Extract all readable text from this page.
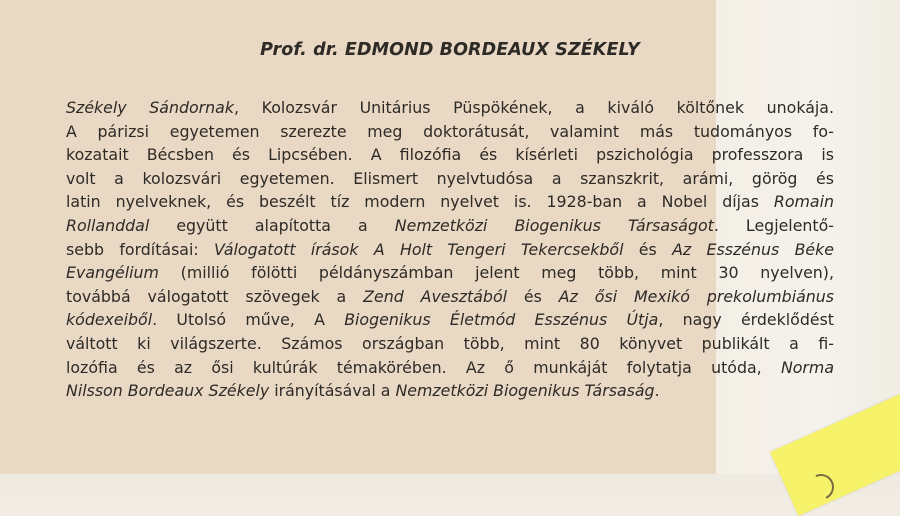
Prof. dr. EDMOND BORDEAUX SZÉKELY

Székely Sándornak, Kolozsvár Unitárius Püspökének, a kiváló költőnek unokája.
A párizsi egyetemen szerezte meg doktorátusát, valamint más tudományos fo-
kozatait Bécsben és Lipcsében. A filozófia és kísérleti pszichológia professzora is
volt a kolozsvári egyetemen. Elismert nyelvtudósa a szanszkrit, arámi, görög és
latin nyelveknek, és beszélt tíz modern nyelvet is. 1928-ban a Nobel díjas Romain
Rollanddal együtt alapította a Nemzetközi Biogenikus Társaságot. Legjelentő-
sebb fordításai: Válogatott írások A Holt Tengeri Tekercsekből és Az Esszénus Béke
Evangélium (millió fölötti példányszámban jelent meg több, mint 30 nyelven),
továbbá válogatott szövegek a Zend Avesztából és Az ősi Mexikó prekolumbiánus
kódexeiből. Utolsó műve, A Biogenikus Életmód Esszénus Útja, nagy érdeklődést
váltott ki világszerte. Számos országban több, mint 80 könyvet publikált a fi-
lozófia és az ősi kultúrák témakörében. Az ő munkáját folytatja utóda, Norma
Nilsson Bordeaux Székely irányításával a Nemzetközi Biogenikus Társaság.
